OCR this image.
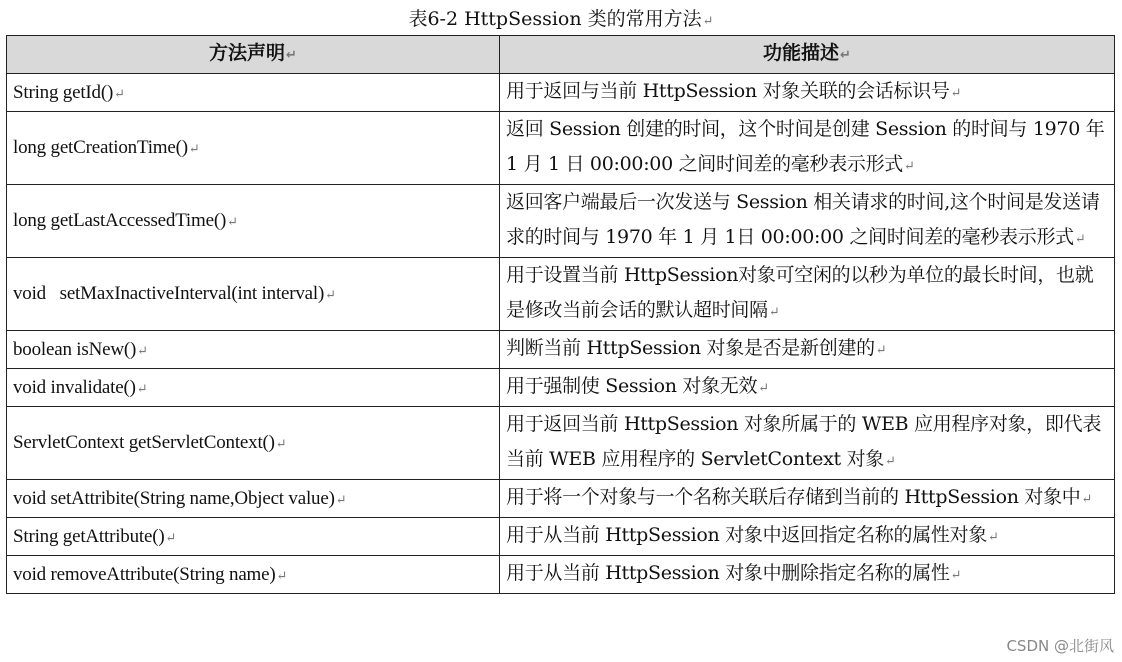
表6-2 HttpSession 类的常用方法↵
方法声明↵	功能描述↵
String getId()↵	用于返回与当前 HttpSession 对象关联的会话标识号↵
long getCreationTime()↵	返回 Session 创建的时间，这个时间是创建 Session 的时间与 1970 年 1 月 1 日 00:00:00 之间时间差的毫秒表示形式↵
long getLastAccessedTime()↵	返回客户端最后一次发送与 Session 相关请求的时间,这个时间是发送请求的时间与 1970 年 1 月 1日 00:00:00 之间时间差的毫秒表示形式↵
void   setMaxInactiveInterval(int interval)↵	用于设置当前 HttpSession对象可空闲的以秒为单位的最长时间，也就是修改当前会话的默认超时间隔↵
boolean isNew()↵	判断当前 HttpSession 对象是否是新创建的↵
void invalidate()↵	用于强制使 Session 对象无效↵
ServletContext getServletContext()↵	用于返回当前 HttpSession 对象所属于的 WEB 应用程序对象，即代表当前 WEB 应用程序的 ServletContext 对象↵
void setAttribite(String name,Object value)↵	用于将一个对象与一个名称关联后存储到当前的 HttpSession 对象中↵
String getAttribute()↵	用于从当前 HttpSession 对象中返回指定名称的属性对象↵
void removeAttribute(String name)↵	用于从当前 HttpSession 对象中删除指定名称的属性↵
CSDN @北街风
